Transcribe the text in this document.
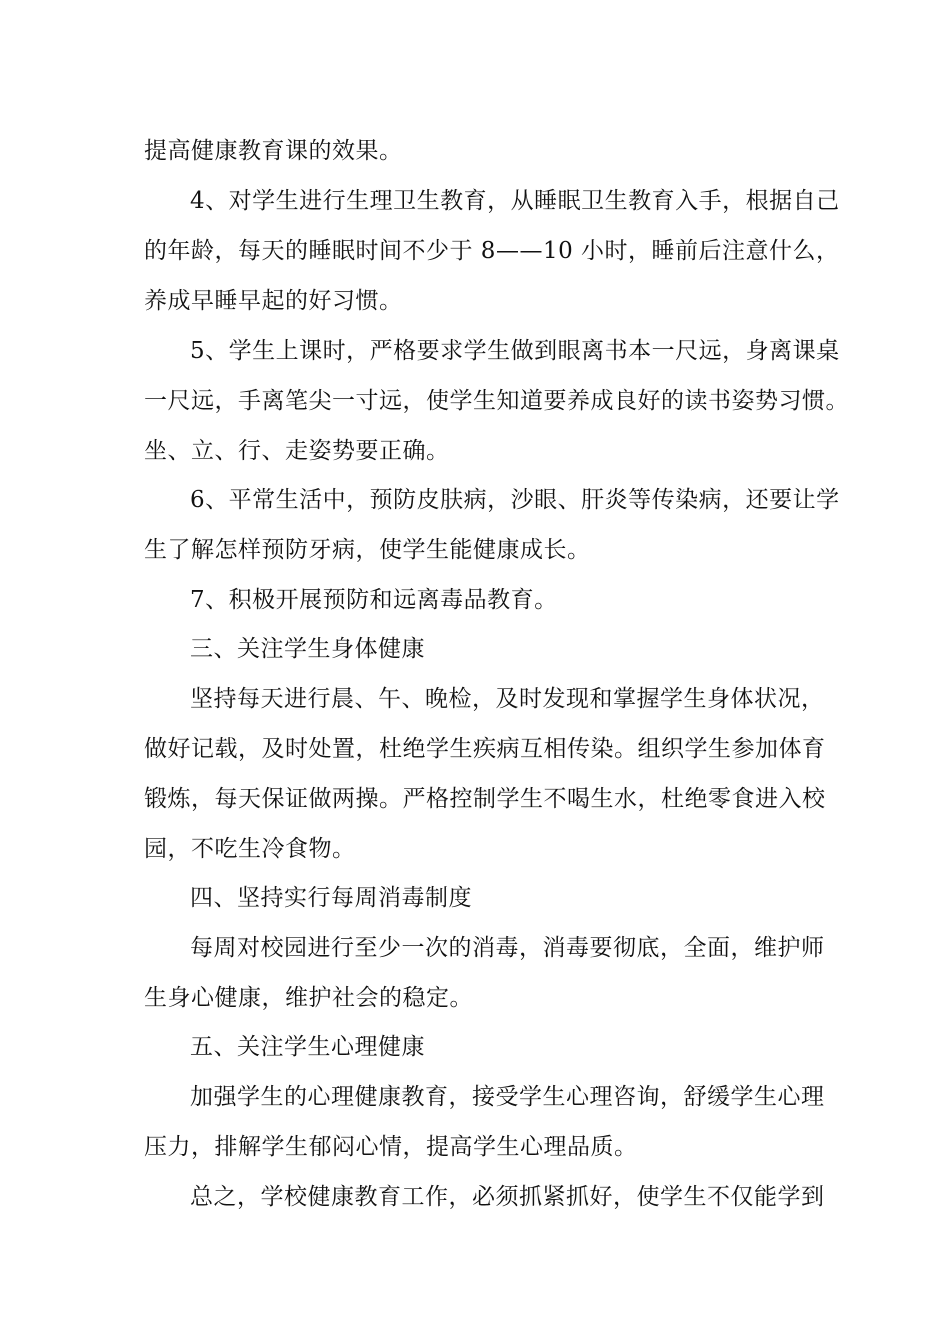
提高健康教育课的效果。
4、对学生进行生理卫生教育，从睡眠卫生教育入手，根据自己
的年龄，每天的睡眠时间不少于 8——10 小时，睡前后注意什么，
养成早睡早起的好习惯。
5、学生上课时，严格要求学生做到眼离书本一尺远，身离课桌
一尺远，手离笔尖一寸远，使学生知道要养成良好的读书姿势习惯。
坐、立、行、走姿势要正确。
6、平常生活中，预防皮肤病，沙眼、肝炎等传染病，还要让学
生了解怎样预防牙病，使学生能健康成长。
7、积极开展预防和远离毒品教育。
三、关注学生身体健康
坚持每天进行晨、午、晚检，及时发现和掌握学生身体状况，
做好记载，及时处置，杜绝学生疾病互相传染。组织学生参加体育
锻炼，每天保证做两操。严格控制学生不喝生水，杜绝零食进入校
园，不吃生冷食物。
四、坚持实行每周消毒制度
每周对校园进行至少一次的消毒，消毒要彻底，全面，维护师
生身心健康，维护社会的稳定。
五、关注学生心理健康
加强学生的心理健康教育，接受学生心理咨询，舒缓学生心理
压力，排解学生郁闷心情，提高学生心理品质。
总之，学校健康教育工作，必须抓紧抓好，使学生不仅能学到
